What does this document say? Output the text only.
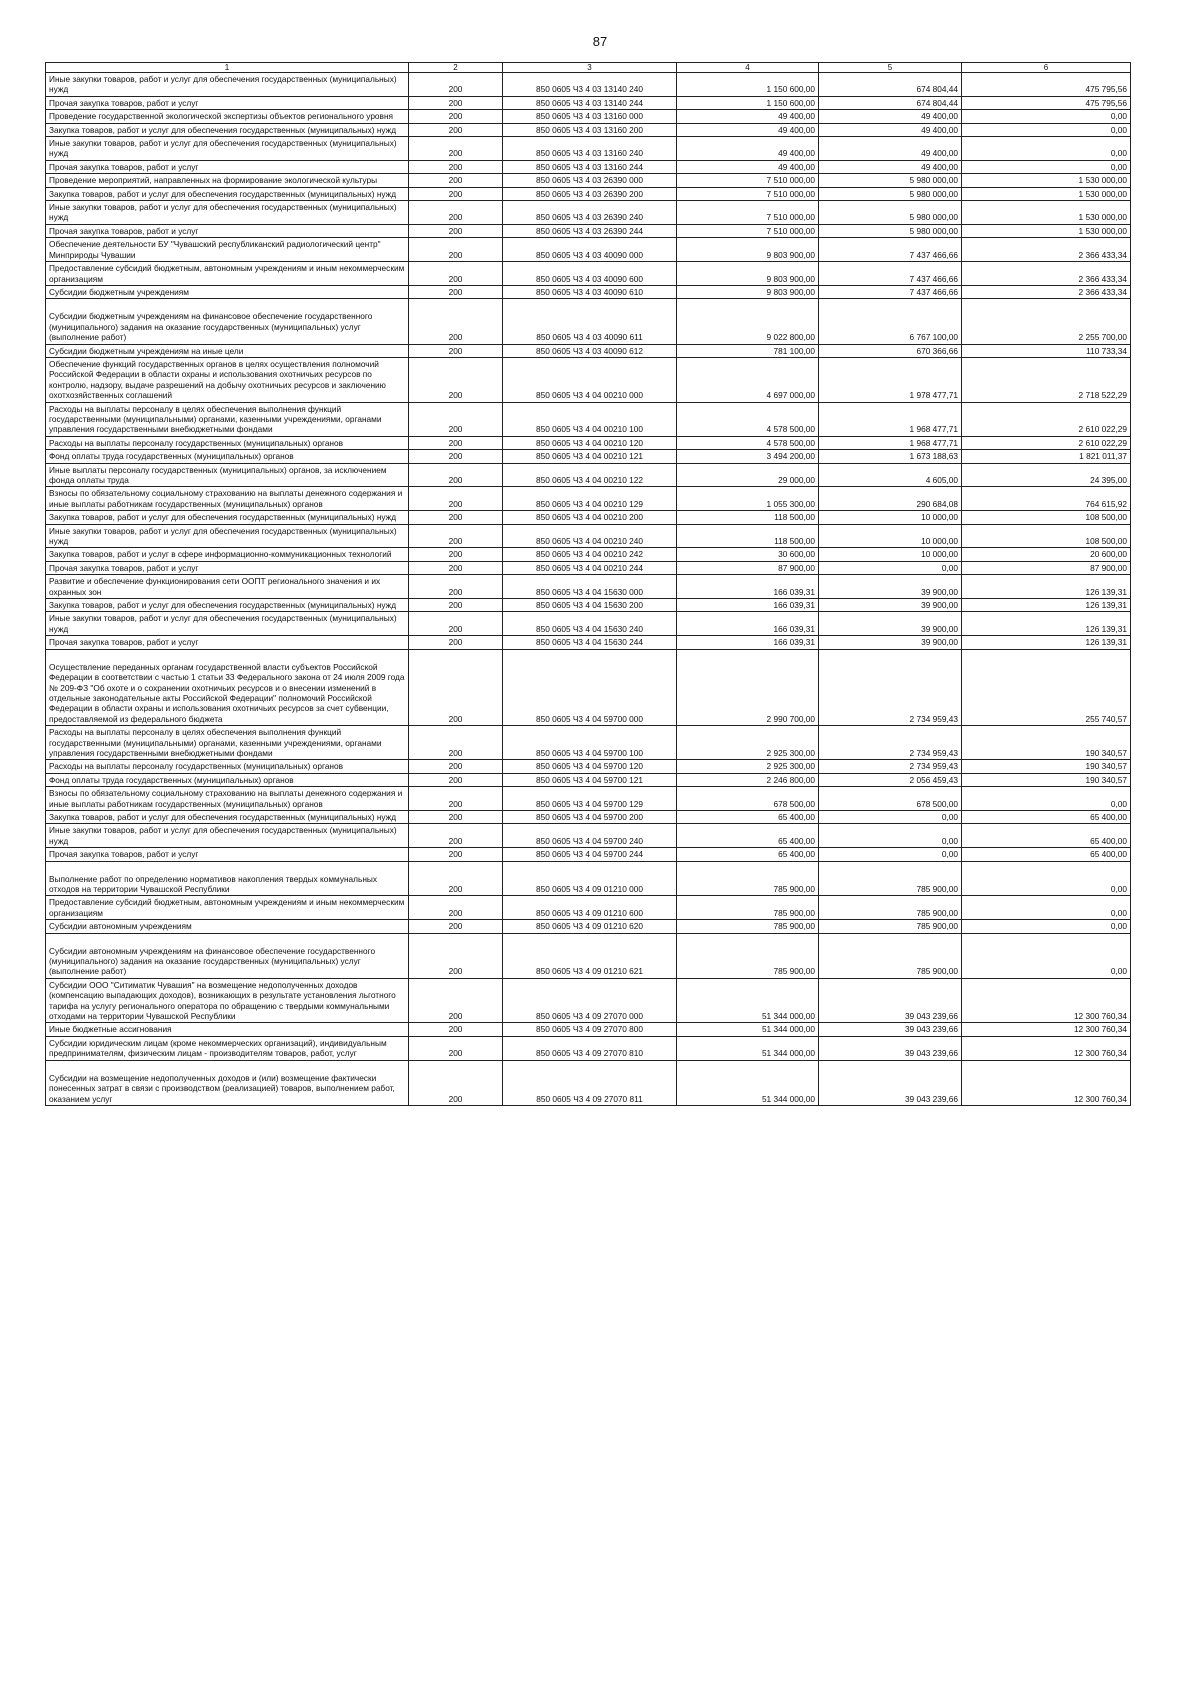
87
1	2	3	4	5	6
Иные закупки товаров, работ и услуг для обеспечения государственных (муниципальных) нужд	200	850 0605 Ч3 4 03 13140 240	1 150 600,00	674 804,44	475 795,56
Прочая закупка товаров, работ и услуг	200	850 0605 Ч3 4 03 13140 244	1 150 600,00	674 804,44	475 795,56
Проведение государственной экологической экспертизы объектов регионального уровня	200	850 0605 Ч3 4 03 13160 000	49 400,00	49 400,00	0,00
Закупка товаров, работ и услуг для обеспечения государственных (муниципальных) нужд	200	850 0605 Ч3 4 03 13160 200	49 400,00	49 400,00	0,00
Иные закупки товаров, работ и услуг для обеспечения государственных (муниципальных) нужд	200	850 0605 Ч3 4 03 13160 240	49 400,00	49 400,00	0,00
Прочая закупка товаров, работ и услуг	200	850 0605 Ч3 4 03 13160 244	49 400,00	49 400,00	0,00
Проведение мероприятий, направленных на формирование экологической культуры	200	850 0605 Ч3 4 03 26390 000	7 510 000,00	5 980 000,00	1 530 000,00
Закупка товаров, работ и услуг для обеспечения государственных (муниципальных) нужд	200	850 0605 Ч3 4 03 26390 200	7 510 000,00	5 980 000,00	1 530 000,00
Иные закупки товаров, работ и услуг для обеспечения государственных (муниципальных) нужд	200	850 0605 Ч3 4 03 26390 240	7 510 000,00	5 980 000,00	1 530 000,00
Прочая закупка товаров, работ и услуг	200	850 0605 Ч3 4 03 26390 244	7 510 000,00	5 980 000,00	1 530 000,00
Обеспечение деятельности БУ "Чувашский республиканский радиологический центр" Минприроды Чувашии	200	850 0605 Ч3 4 03 40090 000	9 803 900,00	7 437 466,66	2 366 433,34
Предоставление субсидий бюджетным, автономным учреждениям и иным некоммерческим организациям	200	850 0605 Ч3 4 03 40090 600	9 803 900,00	7 437 466,66	2 366 433,34
Субсидии бюджетным учреждениям	200	850 0605 Ч3 4 03 40090 610	9 803 900,00	7 437 466,66	2 366 433,34
Субсидии бюджетным учреждениям на финансовое обеспечение государственного (муниципального) задания на оказание государственных (муниципальных) услуг (выполнение работ)	200	850 0605 Ч3 4 03 40090 611	9 022 800,00	6 767 100,00	2 255 700,00
Субсидии бюджетным учреждениям на иные цели	200	850 0605 Ч3 4 03 40090 612	781 100,00	670 366,66	110 733,34
Обеспечение функций государственных органов в целях осуществления полномочий Российской Федерации в области охраны и использования охотничьих ресурсов по контролю, надзору, выдаче разрешений на добычу охотничьих ресурсов и заключению охотхозяйственных соглашений	200	850 0605 Ч3 4 04 00210 000	4 697 000,00	1 978 477,71	2 718 522,29
Расходы на выплаты персоналу в целях обеспечения выполнения функций государственными (муниципальными) органами, казенными учреждениями, органами управления государственными внебюджетными фондами	200	850 0605 Ч3 4 04 00210 100	4 578 500,00	1 968 477,71	2 610 022,29
Расходы на выплаты персоналу государственных (муниципальных) органов	200	850 0605 Ч3 4 04 00210 120	4 578 500,00	1 968 477,71	2 610 022,29
Фонд оплаты труда государственных (муниципальных) органов	200	850 0605 Ч3 4 04 00210 121	3 494 200,00	1 673 188,63	1 821 011,37
Иные выплаты персоналу государственных (муниципальных) органов, за исключением фонда оплаты труда	200	850 0605 Ч3 4 04 00210 122	29 000,00	4 605,00	24 395,00
Взносы по обязательному социальному страхованию на выплаты денежного содержания и иные выплаты работникам государственных (муниципальных) органов	200	850 0605 Ч3 4 04 00210 129	1 055 300,00	290 684,08	764 615,92
Закупка товаров, работ и услуг для обеспечения государственных (муниципальных) нужд	200	850 0605 Ч3 4 04 00210 200	118 500,00	10 000,00	108 500,00
Иные закупки товаров, работ и услуг для обеспечения государственных (муниципальных) нужд	200	850 0605 Ч3 4 04 00210 240	118 500,00	10 000,00	108 500,00
Закупка товаров, работ и услуг в сфере информационно-коммуникационных технологий	200	850 0605 Ч3 4 04 00210 242	30 600,00	10 000,00	20 600,00
Прочая закупка товаров, работ и услуг	200	850 0605 Ч3 4 04 00210 244	87 900,00	0,00	87 900,00
Развитие и обеспечение функционирования сети ООПТ регионального значения и их охранных зон	200	850 0605 Ч3 4 04 15630 000	166 039,31	39 900,00	126 139,31
Закупка товаров, работ и услуг для обеспечения государственных (муниципальных) нужд	200	850 0605 Ч3 4 04 15630 200	166 039,31	39 900,00	126 139,31
Иные закупки товаров, работ и услуг для обеспечения государственных (муниципальных) нужд	200	850 0605 Ч3 4 04 15630 240	166 039,31	39 900,00	126 139,31
Прочая закупка товаров, работ и услуг	200	850 0605 Ч3 4 04 15630 244	166 039,31	39 900,00	126 139,31
Осуществление переданных органам государственной власти субъектов Российской Федерации в соответствии с частью 1 статьи 33 Федерального закона от 24 июля 2009 года № 209-ФЗ "Об охоте и о сохранении охотничьих ресурсов и о внесении изменений в отдельные законодательные акты Российской Федерации" полномочий Российской Федерации в области охраны и использования охотничьих ресурсов за счет субвенции, предоставляемой из федерального бюджета	200	850 0605 Ч3 4 04 59700 000	2 990 700,00	2 734 959,43	255 740,57
Расходы на выплаты персоналу в целях обеспечения выполнения функций государственными (муниципальными) органами, казенными учреждениями, органами управления государственными внебюджетными фондами	200	850 0605 Ч3 4 04 59700 100	2 925 300,00	2 734 959,43	190 340,57
Расходы на выплаты персоналу государственных (муниципальных) органов	200	850 0605 Ч3 4 04 59700 120	2 925 300,00	2 734 959,43	190 340,57
Фонд оплаты труда государственных (муниципальных) органов	200	850 0605 Ч3 4 04 59700 121	2 246 800,00	2 056 459,43	190 340,57
Взносы по обязательному социальному страхованию на выплаты денежного содержания и иные выплаты работникам государственных (муниципальных) органов	200	850 0605 Ч3 4 04 59700 129	678 500,00	678 500,00	0,00
Закупка товаров, работ и услуг для обеспечения государственных (муниципальных) нужд	200	850 0605 Ч3 4 04 59700 200	65 400,00	0,00	65 400,00
Иные закупки товаров, работ и услуг для обеспечения государственных (муниципальных) нужд	200	850 0605 Ч3 4 04 59700 240	65 400,00	0,00	65 400,00
Прочая закупка товаров, работ и услуг	200	850 0605 Ч3 4 04 59700 244	65 400,00	0,00	65 400,00
Выполнение работ по определению нормативов накопления твердых коммунальных отходов на территории Чувашской Республики	200	850 0605 Ч3 4 09 01210 000	785 900,00	785 900,00	0,00
Предоставление субсидий бюджетным, автономным учреждениям и иным некоммерческим организациям	200	850 0605 Ч3 4 09 01210 600	785 900,00	785 900,00	0,00
Субсидии автономным учреждениям	200	850 0605 Ч3 4 09 01210 620	785 900,00	785 900,00	0,00
Субсидии автономным учреждениям на финансовое обеспечение государственного (муниципального) задания на оказание государственных (муниципальных) услуг (выполнение работ)	200	850 0605 Ч3 4 09 01210 621	785 900,00	785 900,00	0,00
Субсидии ООО "Ситиматик Чувашия" на возмещение недополученных доходов (компенсацию выпадающих доходов), возникающих в результате установления льготного тарифа на услугу регионального оператора по обращению с твердыми коммунальными отходами на территории Чувашской Республики	200	850 0605 Ч3 4 09 27070 000	51 344 000,00	39 043 239,66	12 300 760,34
Иные бюджетные ассигнования	200	850 0605 Ч3 4 09 27070 800	51 344 000,00	39 043 239,66	12 300 760,34
Субсидии юридическим лицам (кроме некоммерческих организаций), индивидуальным предпринимателям, физическим лицам - производителям товаров, работ, услуг	200	850 0605 Ч3 4 09 27070 810	51 344 000,00	39 043 239,66	12 300 760,34
Субсидии на возмещение недополученных доходов и (или) возмещение фактически понесенных затрат в связи с производством (реализацией) товаров, выполнением работ, оказанием услуг	200	850 0605 Ч3 4 09 27070 811	51 344 000,00	39 043 239,66	12 300 760,34
